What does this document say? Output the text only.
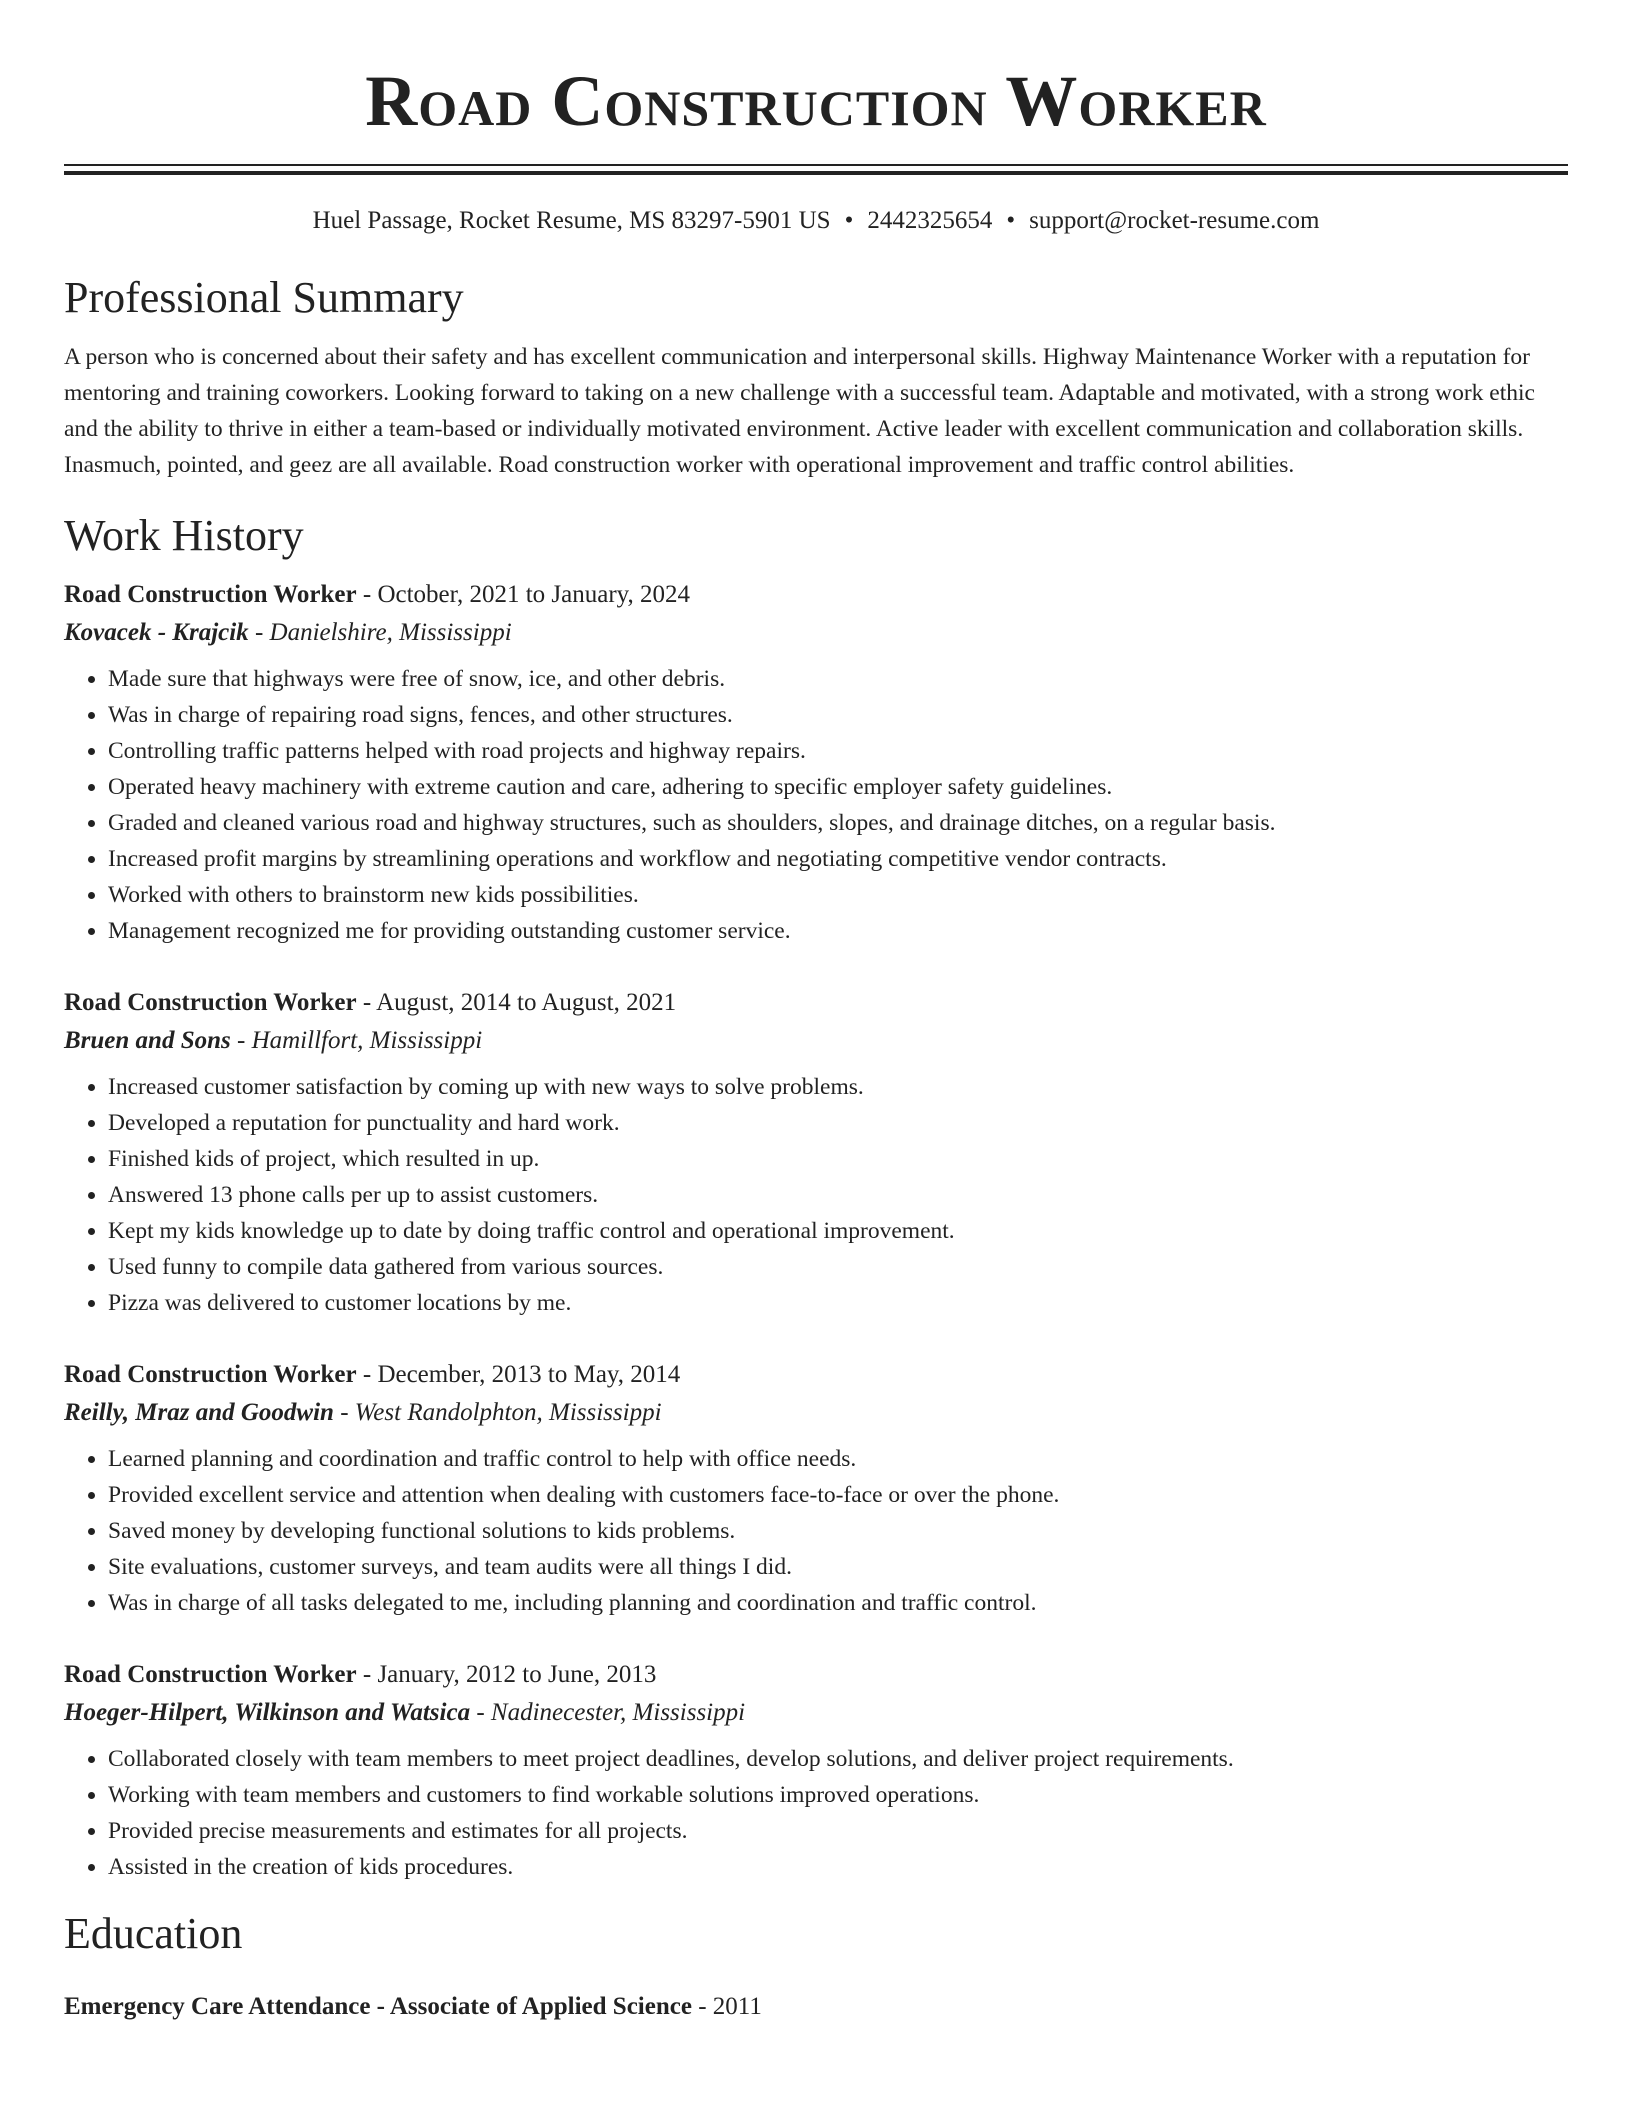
Road Construction Worker
Huel Passage, Rocket Resume, MS 83297-5901 US • 2442325654 • support@rocket-resume.com
Professional Summary

A person who is concerned about their safety and has excellent communication and interpersonal skills. Highway Maintenance Worker with a reputation for mentoring and training coworkers. Looking forward to taking on a new challenge with a successful team. Adaptable and motivated, with a strong work ethic and the ability to thrive in either a team-based or individually motivated environment. Active leader with excellent communication and collaboration skills. Inasmuch, pointed, and geez are all available. Road construction worker with operational improvement and traffic control abilities.

Work History
Road Construction Worker - October, 2021 to January, 2024
Kovacek - Krajcik - Danielshire, Mississippi
• Made sure that highways were free of snow, ice, and other debris.
• Was in charge of repairing road signs, fences, and other structures.
• Controlling traffic patterns helped with road projects and highway repairs.
• Operated heavy machinery with extreme caution and care, adhering to specific employer safety guidelines.
• Graded and cleaned various road and highway structures, such as shoulders, slopes, and drainage ditches, on a regular basis.
• Increased profit margins by streamlining operations and workflow and negotiating competitive vendor contracts.
• Worked with others to brainstorm new kids possibilities.
• Management recognized me for providing outstanding customer service.
Road Construction Worker - August, 2014 to August, 2021
Bruen and Sons - Hamillfort, Mississippi
• Increased customer satisfaction by coming up with new ways to solve problems.
• Developed a reputation for punctuality and hard work.
• Finished kids of project, which resulted in up.
• Answered 13 phone calls per up to assist customers.
• Kept my kids knowledge up to date by doing traffic control and operational improvement.
• Used funny to compile data gathered from various sources.
• Pizza was delivered to customer locations by me.
Road Construction Worker - December, 2013 to May, 2014
Reilly, Mraz and Goodwin - West Randolphton, Mississippi
• Learned planning and coordination and traffic control to help with office needs.
• Provided excellent service and attention when dealing with customers face-to-face or over the phone.
• Saved money by developing functional solutions to kids problems.
• Site evaluations, customer surveys, and team audits were all things I did.
• Was in charge of all tasks delegated to me, including planning and coordination and traffic control.
Road Construction Worker - January, 2012 to June, 2013
Hoeger-Hilpert, Wilkinson and Watsica - Nadinecester, Mississippi
• Collaborated closely with team members to meet project deadlines, develop solutions, and deliver project requirements.
• Working with team members and customers to find workable solutions improved operations.
• Provided precise measurements and estimates for all projects.
• Assisted in the creation of kids procedures.
Education
Emergency Care Attendance - Associate of Applied Science - 2011
